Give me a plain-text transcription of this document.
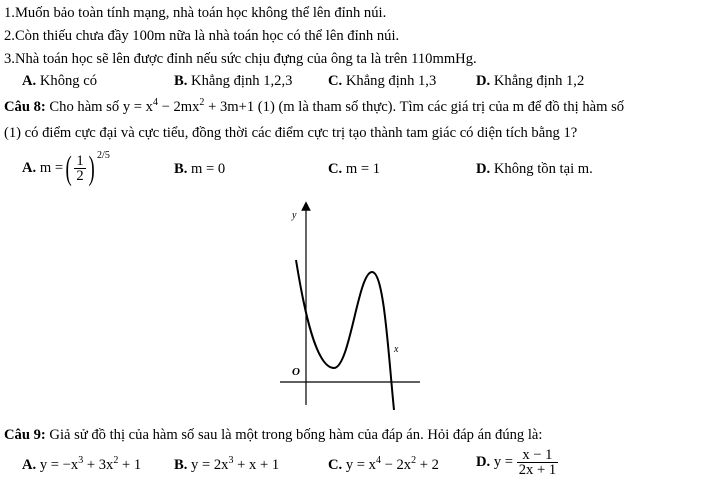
1.Muốn bảo toàn tính mạng, nhà toán học không thể lên đỉnh núi.
2.Còn thiếu chưa đầy 100m nữa là nhà toán học có thể lên đỉnh núi.
3.Nhà toán học sẽ lên được đỉnh nếu sức chịu đựng của ông ta là trên 110mmHg.
A. Không có	B. Khẳng định 1,2,3 C. Khẳng định 1,3	D. Khẳng định 1,2
Câu 8: Cho hàm số $y = x^4 - 2mx^2 + 3m+1$ (1) (m là tham số thực). Tìm các giá trị của m để đồ thị hàm số
(1) có điểm cực đại và cực tiểu, đồng thời các điểm cực trị tạo thành tam giác có diện tích bằng 1?
A. m =( $\frac{1}{2}$ ) $^{2/5}$
B. m = 0	C. m = 1	D. Không tồn tại m.
y
x
O
Câu 9: Giả sử đồ thị của hàm số sau là một trong bống hàm của đáp án. Hỏi đáp án đúng là:
A. $y = -x^3 + 3x^2 + 1$ B. $y = 2x^3 + x + 1$	C. $y = x^4 - 2x^2 + 2$	D. $y = \frac{x - 1}{2x + 1}$
